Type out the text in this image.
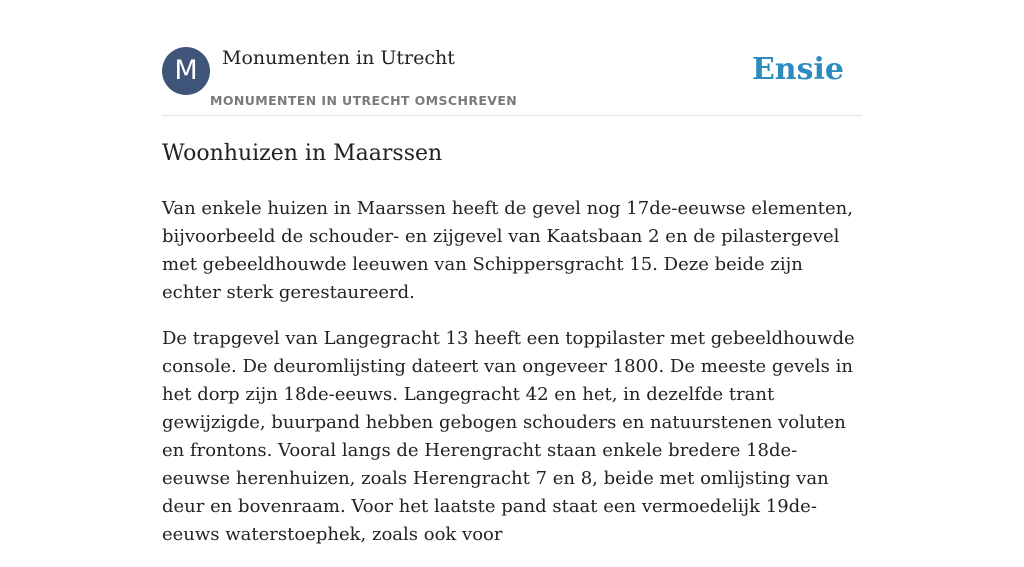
M	Monumenten in Utrecht
MONUMENTEN IN UTRECHT OMSCHREVEN
Ensie
Woonhuizen in Maarssen

Van enkele huizen in Maarssen heeft de gevel nog 17de-eeuwse elementen, bijvoorbeeld de schouder- en zijgevel van Kaatsbaan 2 en de pilastergevel met gebeeldhouwde leeuwen van Schippersgracht 15. Deze beide zijn echter sterk gerestaureerd.

De trapgevel van Langegracht 13 heeft een toppilaster met gebeeldhouwde console. De deuromlijsting dateert van ongeveer 1800. De meeste gevels in het dorp zijn 18de-eeuws. Langegracht 42 en het, in dezelfde trant gewijzigde, buurpand hebben gebogen schouders en natuurstenen voluten en frontons. Vooral langs de Herengracht staan enkele bredere 18de-eeuwse herenhuizen, zoals Herengracht 7 en 8, beide met omlijsting van deur en bovenraam. Voor het laatste pand staat een vermoedelijk 19de-eeuws waterstoephek, zoals ook voor
